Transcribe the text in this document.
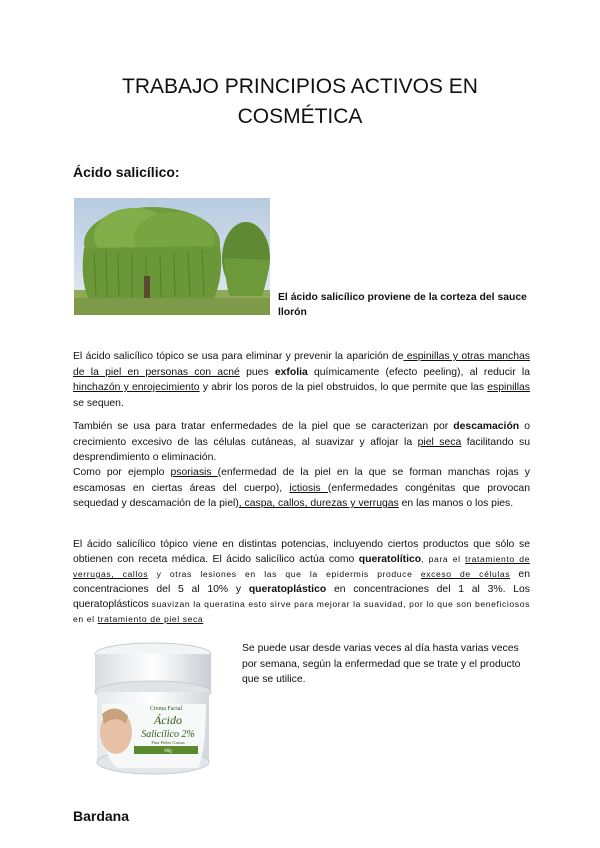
TRABAJO PRINCIPIOS ACTIVOS EN
COSMÉTICA
Ácido salicílico:
El ácido salicílico proviene de la corteza del sauce llorón
El ácido salicílico tópico se usa para eliminar y prevenir la aparición de espinillas y otras manchas de la piel en personas con acné pues exfolia químicamente (efecto peeling), al reducir la hinchazón y enrojecimiento y abrir los poros de la piel obstruidos, lo que permite que las espinillas se sequen.
También se usa para tratar enfermedades de la piel que se caracterizan por descamación o crecimiento excesivo de las células cutáneas, al suavizar y aflojar la piel seca facilitando su desprendimiento o eliminación.
Como por ejemplo psoriasis (enfermedad de la piel en la que se forman manchas rojas y escamosas en ciertas áreas del cuerpo), ictiosis (enfermedades congénitas que provocan sequedad y descamación de la piel), caspa, callos, durezas y verrugas en las manos o los pies.
El ácido salicílico tópico viene en distintas potencias, incluyendo ciertos productos que sólo se obtienen con receta médica. El ácido salicílico actúa como queratolítico, para el tratamiento de verrugas, callos y otras lesiones en las que la epidermis produce exceso de células en concentraciones del 5 al 10% y queratoplástico en concentraciones del 1 al 3%. Los queratoplásticos suavizan la queratina esto sirve para mejorar la suavidad, por lo que son beneficiosos en el tratamiento de piel seca
Crema Facial
Ácido
Salicílico 2%
Para Pieles Grasas
60g
Se puede usar desde varias veces al día hasta varias veces por semana, según la enfermedad que se trate y el producto que se utilice.
Bardana
